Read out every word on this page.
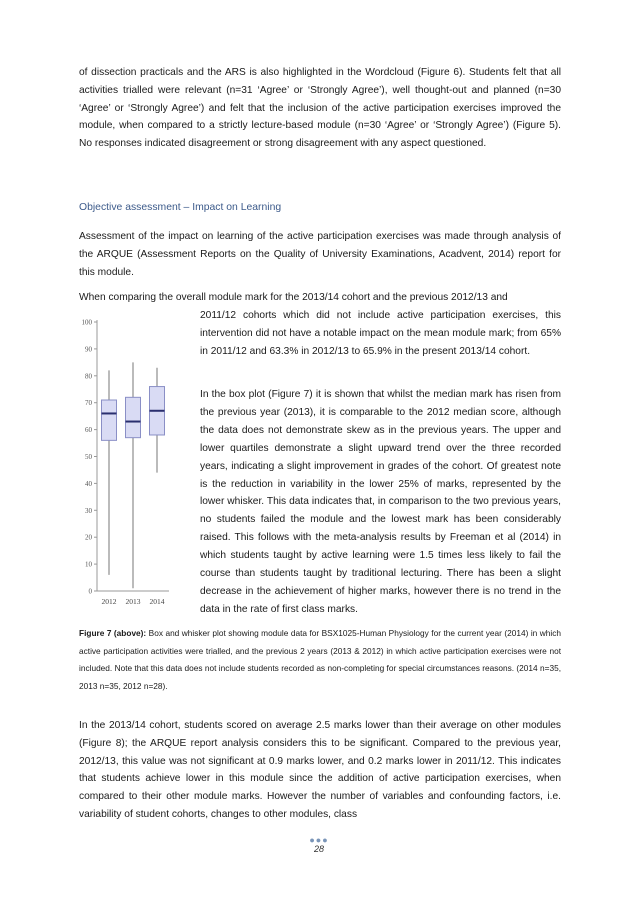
of dissection practicals and the ARS is also highlighted in the Wordcloud (Figure 6). Students felt that all activities trialled were relevant (n=31 ‘Agree’ or ‘Strongly Agree’), well thought-out and planned (n=30 ‘Agree’ or ‘Strongly Agree’) and felt that the inclusion of the active participation exercises improved the module, when compared to a strictly lecture-based module (n=30 ‘Agree’ or ‘Strongly Agree’) (Figure 5). No responses indicated disagreement or strong disagreement with any aspect questioned.

Objective assessment – Impact on Learning

Assessment of the impact on learning of the active participation exercises was made through analysis of the ARQUE (Assessment Reports on the Quality of University Examinations, Acadvent, 2014) report for this module.

When comparing the overall module mark for the 2013/14 cohort and the previous 2012/13 and

2011/12 cohorts which did not include active participation exercises, this intervention did not have a notable impact on the mean module mark; from 65% in 2011/12 and 63.3% in 2012/13 to 65.9% in the present 2013/14 cohort.

In the box plot (Figure 7) it is shown that whilst the median mark has risen from the previous year (2013), it is comparable to the 2012 median score, although the data does not demonstrate skew as in the previous years. The upper and lower quartiles demonstrate a slight upward trend over the three recorded years, indicating a slight improvement in grades of the cohort. Of greatest note is the reduction in variability in the lower 25% of marks, represented by the lower whisker. This data indicates that, in comparison to the two previous years, no students failed the module and the lowest mark has been considerably raised. This follows with the meta-analysis results by Freeman et al (2014) in which students taught by active learning were 1.5 times less likely to fail the course than students taught by traditional lecturing. There has been a slight decrease in the achievement of higher marks, however there is no trend in the data in the rate of first class marks.

0
10
20
30
40
50
60
70
80
90
100
2012 2013 2014

Figure 7 (above): Box and whisker plot showing module data for BSX1025-Human Physiology for the current year (2014) in which active participation activities were trialled, and the previous 2 years (2013 & 2012) in which active participation exercises were not included. Note that this data does not include students recorded as non-completing for special circumstances reasons. (2014 n=35, 2013 n=35, 2012 n=28).

In the 2013/14 cohort, students scored on average 2.5 marks lower than their average on other modules (Figure 8); the ARQUE report analysis considers this to be significant. Compared to the previous year, 2012/13, this value was not significant at 0.9 marks lower, and 0.2 marks lower in 2011/12. This indicates that students achieve lower in this module since the addition of active participation exercises, when compared to their other module marks. However the number of variables and confounding factors, i.e. variability of student cohorts, changes to other modules, class

●●●
28
